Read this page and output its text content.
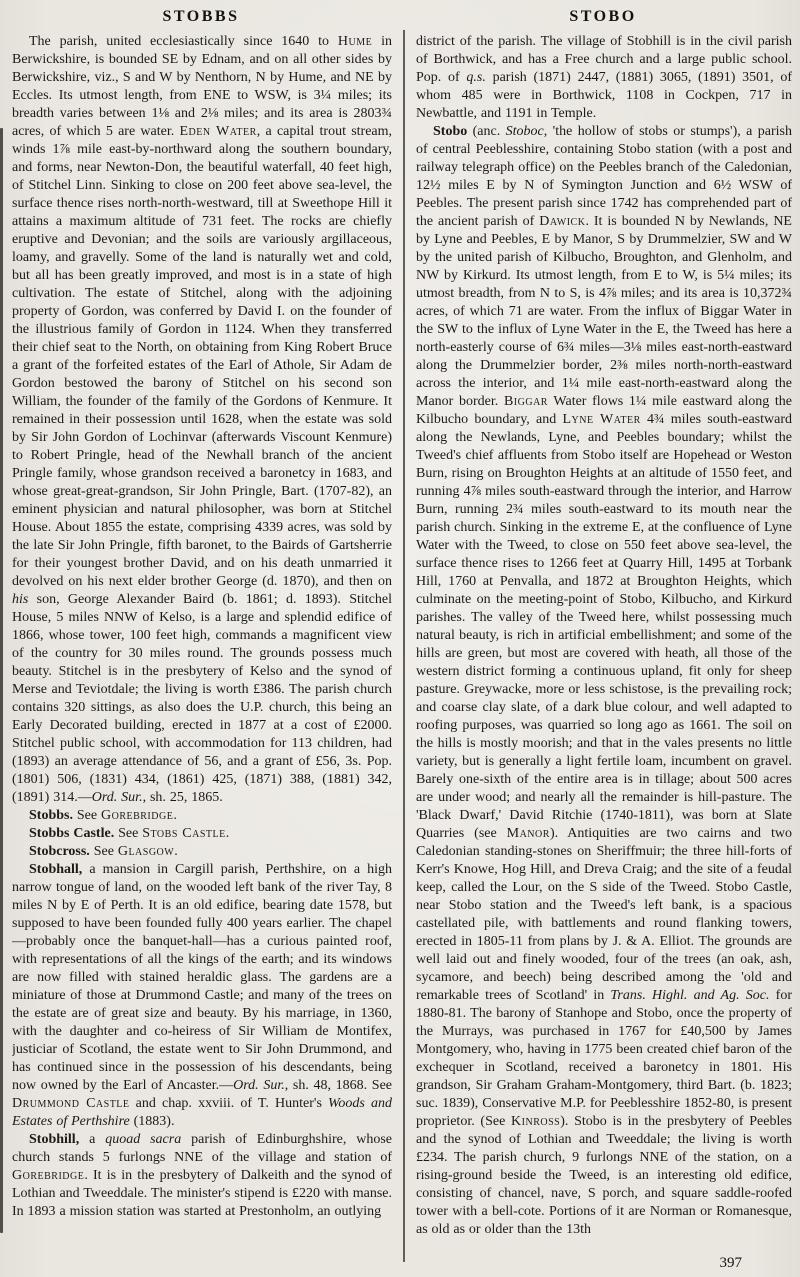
STOBBS	STOBO

The parish, united ecclesiastically since 1640 to Hume in Berwickshire, is bounded SE by Ednam, and on all other sides by Berwickshire, viz., S and W by Nenthorn, N by Hume, and NE by Eccles. Its utmost length, from ENE to WSW, is 3¼ miles; its breadth varies between 1⅛ and 2⅛ miles; and its area is 2803¾ acres, of which 5 are water. Eden Water, a capital trout stream, winds 1⅞ mile east-by-northward along the southern boundary, and forms, near Newton-Don, the beautiful waterfall, 40 feet high, of Stitchel Linn. Sinking to close on 200 feet above sea-level, the surface thence rises north-north-westward, till at Sweethope Hill it attains a maximum altitude of 731 feet. The rocks are chiefly eruptive and Devonian; and the soils are variously argillaceous, loamy, and gravelly. Some of the land is naturally wet and cold, but all has been greatly improved, and most is in a state of high cultivation. The estate of Stitchel, along with the adjoining property of Gordon, was conferred by David I. on the founder of the illustrious family of Gordon in 1124. When they transferred their chief seat to the North, on obtaining from King Robert Bruce a grant of the forfeited estates of the Earl of Athole, Sir Adam de Gordon bestowed the barony of Stitchel on his second son William, the founder of the family of the Gordons of Kenmure. It remained in their possession until 1628, when the estate was sold by Sir John Gordon of Lochinvar (afterwards Viscount Kenmure) to Robert Pringle, head of the Newhall branch of the ancient Pringle family, whose grandson received a baronetcy in 1683, and whose great-great-grandson, Sir John Pringle, Bart. (1707-82), an eminent physician and natural philosopher, was born at Stitchel House. About 1855 the estate, comprising 4339 acres, was sold by the late Sir John Pringle, fifth baronet, to the Bairds of Gartsherrie for their youngest brother David, and on his death unmarried it devolved on his next elder brother George (d. 1870), and then on his son, George Alexander Baird (b. 1861; d. 1893). Stitchel House, 5 miles NNW of Kelso, is a large and splendid edifice of 1866, whose tower, 100 feet high, commands a magnificent view of the country for 30 miles round. The grounds possess much beauty. Stitchel is in the presbytery of Kelso and the synod of Merse and Teviotdale; the living is worth £386. The parish church contains 320 sittings, as also does the U.P. church, this being an Early Decorated building, erected in 1877 at a cost of £2000. Stitchel public school, with accommodation for 113 children, had (1893) an average attendance of 56, and a grant of £56, 3s. Pop. (1801) 506, (1831) 434, (1861) 425, (1871) 388, (1881) 342, (1891) 314.—Ord. Sur., sh. 25, 1865.

Stobbs. See Gorebridge.

Stobbs Castle. See Stobs Castle.

Stobcross. See Glasgow.

Stobhall, a mansion in Cargill parish, Perthshire, on a high narrow tongue of land, on the wooded left bank of the river Tay, 8 miles N by E of Perth. It is an old edifice, bearing date 1578, but supposed to have been founded fully 400 years earlier. The chapel—probably once the banquet-hall—has a curious painted roof, with representations of all the kings of the earth; and its windows are now filled with stained heraldic glass. The gardens are a miniature of those at Drummond Castle; and many of the trees on the estate are of great size and beauty. By his marriage, in 1360, with the daughter and co-heiress of Sir William de Montifex, justiciar of Scotland, the estate went to Sir John Drummond, and has continued since in the possession of his descendants, being now owned by the Earl of Ancaster.—Ord. Sur., sh. 48, 1868. See Drummond Castle and chap. xxviii. of T. Hunter's Woods and Estates of Perthshire (1883).

Stobhill, a quoad sacra parish of Edinburghshire, whose church stands 5 furlongs NNE of the village and station of Gorebridge. It is in the presbytery of Dalkeith and the synod of Lothian and Tweeddale. The minister's stipend is £220 with manse. In 1893 a mission station was started at Prestonholm, an outlying

district of the parish. The village of Stobhill is in the civil parish of Borthwick, and has a Free church and a large public school. Pop. of q.s. parish (1871) 2447, (1881) 3065, (1891) 3501, of whom 485 were in Borthwick, 1108 in Cockpen, 717 in Newbattle, and 1191 in Temple.

Stobo (anc. Stoboc, 'the hollow of stobs or stumps'), a parish of central Peeblesshire, containing Stobo station (with a post and railway telegraph office) on the Peebles branch of the Caledonian, 12½ miles E by N of Symington Junction and 6½ WSW of Peebles. The present parish since 1742 has comprehended part of the ancient parish of Dawick. It is bounded N by Newlands, NE by Lyne and Peebles, E by Manor, S by Drummelzier, SW and W by the united parish of Kilbucho, Broughton, and Glenholm, and NW by Kirkurd. Its utmost length, from E to W, is 5¼ miles; its utmost breadth, from N to S, is 4⅞ miles; and its area is 10,372¾ acres, of which 71 are water. From the influx of Biggar Water in the SW to the influx of Lyne Water in the E, the Tweed has here a north-easterly course of 6¾ miles—3⅛ miles east-north-eastward along the Drummelzier border, 2⅜ miles north-north-eastward across the interior, and 1¼ mile east-north-eastward along the Manor border. Biggar Water flows 1¼ mile eastward along the Kilbucho boundary, and Lyne Water 4¾ miles south-eastward along the Newlands, Lyne, and Peebles boundary; whilst the Tweed's chief affluents from Stobo itself are Hopehead or Weston Burn, rising on Broughton Heights at an altitude of 1550 feet, and running 4⅞ miles south-eastward through the interior, and Harrow Burn, running 2¾ miles south-eastward to its mouth near the parish church. Sinking in the extreme E, at the confluence of Lyne Water with the Tweed, to close on 550 feet above sea-level, the surface thence rises to 1266 feet at Quarry Hill, 1495 at Torbank Hill, 1760 at Penvalla, and 1872 at Broughton Heights, which culminate on the meeting-point of Stobo, Kilbucho, and Kirkurd parishes. The valley of the Tweed here, whilst possessing much natural beauty, is rich in artificial embellishment; and some of the hills are green, but most are covered with heath, all those of the western district forming a continuous upland, fit only for sheep pasture. Greywacke, more or less schistose, is the prevailing rock; and coarse clay slate, of a dark blue colour, and well adapted to roofing purposes, was quarried so long ago as 1661. The soil on the hills is mostly moorish; and that in the vales presents no little variety, but is generally a light fertile loam, incumbent on gravel. Barely one-sixth of the entire area is in tillage; about 500 acres are under wood; and nearly all the remainder is hill-pasture. The 'Black Dwarf,' David Ritchie (1740-1811), was born at Slate Quarries (see Manor). Antiquities are two cairns and two Caledonian standing-stones on Sheriffmuir; the three hill-forts of Kerr's Knowe, Hog Hill, and Dreva Craig; and the site of a feudal keep, called the Lour, on the S side of the Tweed. Stobo Castle, near Stobo station and the Tweed's left bank, is a spacious castellated pile, with battlements and round flanking towers, erected in 1805-11 from plans by J. & A. Elliot. The grounds are well laid out and finely wooded, four of the trees (an oak, ash, sycamore, and beech) being described among the 'old and remarkable trees of Scotland' in Trans. Highl. and Ag. Soc. for 1880-81. The barony of Stanhope and Stobo, once the property of the Murrays, was purchased in 1767 for £40,500 by James Montgomery, who, having in 1775 been created chief baron of the exchequer in Scotland, received a baronetcy in 1801. His grandson, Sir Graham Graham-Montgomery, third Bart. (b. 1823; suc. 1839), Conservative M.P. for Peeblesshire 1852-80, is present proprietor. (See Kinross). Stobo is in the presbytery of Peebles and the synod of Lothian and Tweeddale; the living is worth £234. The parish church, 9 furlongs NNE of the station, on a rising-ground beside the Tweed, is an interesting old edifice, consisting of chancel, nave, S porch, and square saddle-roofed tower with a bell-cote. Portions of it are Norman or Romanesque, as old as or older than the 13th

397
